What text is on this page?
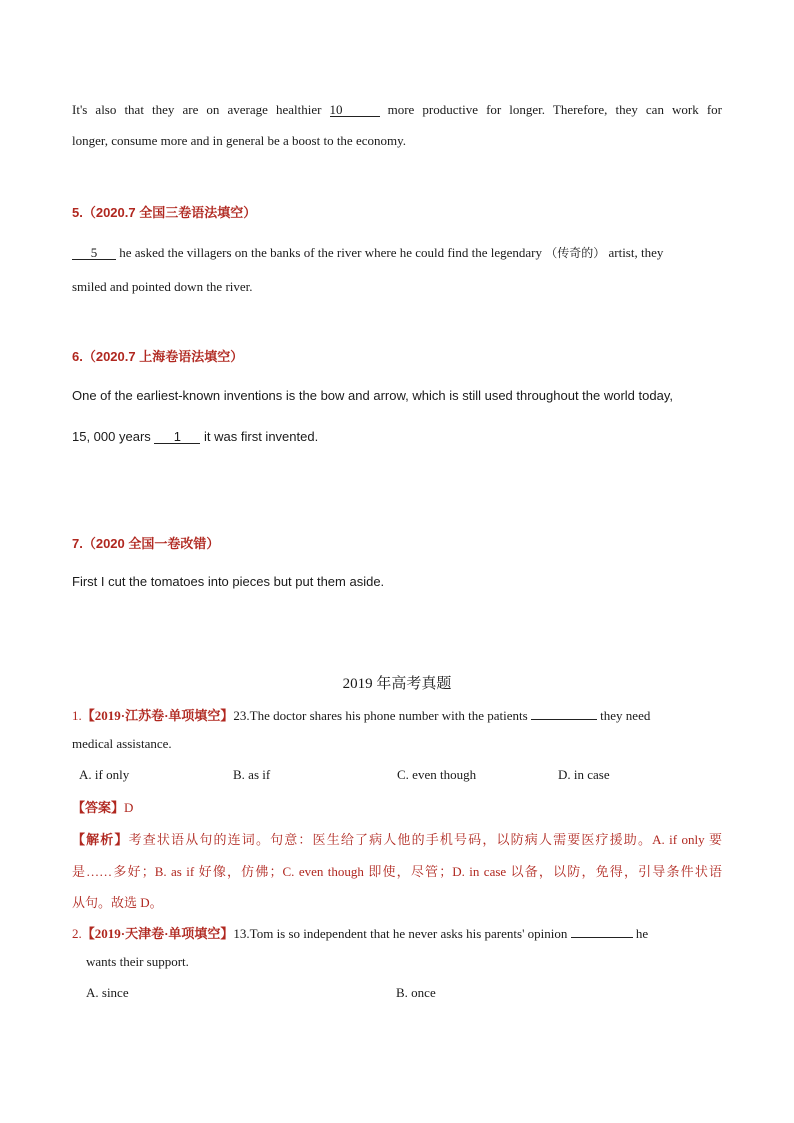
It's also that they are on average healthier 10	more productive for longer. Therefore, they can work for
longer, consume more and in general be a boost to the economy.
5.（2020.7 全国三卷语法填空）
5 he asked the villagers on the banks of the river where he could find the legendary （传奇的） artist, they
smiled and pointed down the river.
6.（2020.7 上海卷语法填空）
One of the earliest-known inventions is the bow and arrow, which is still used throughout the world today,
15, 000 years 1 it was first invented.
7.（2020 全国一卷改错）
First I cut the tomatoes into pieces but put them aside.
2019 年高考真题
1.【2019·江苏卷·单项填空】23.The doctor shares his phone number with the patients	they need
medical assistance.
A. if only	B. as if	C. even though	D. in case
【答案】D
【解析】考查状语从句的连词。句意：医生给了病人他的手机号码，以防病人需要医疗援助。A. if only 要
是……多好；B. as if 好像，仿佛；C. even though 即使，尽管；D. in case 以备，以防，免得，引导条件状语
从句。故选 D。
2.【2019·天津卷·单项填空】13.Tom is so independent that he never asks his parents' opinion	he
wants their support.
A. since	B. once
